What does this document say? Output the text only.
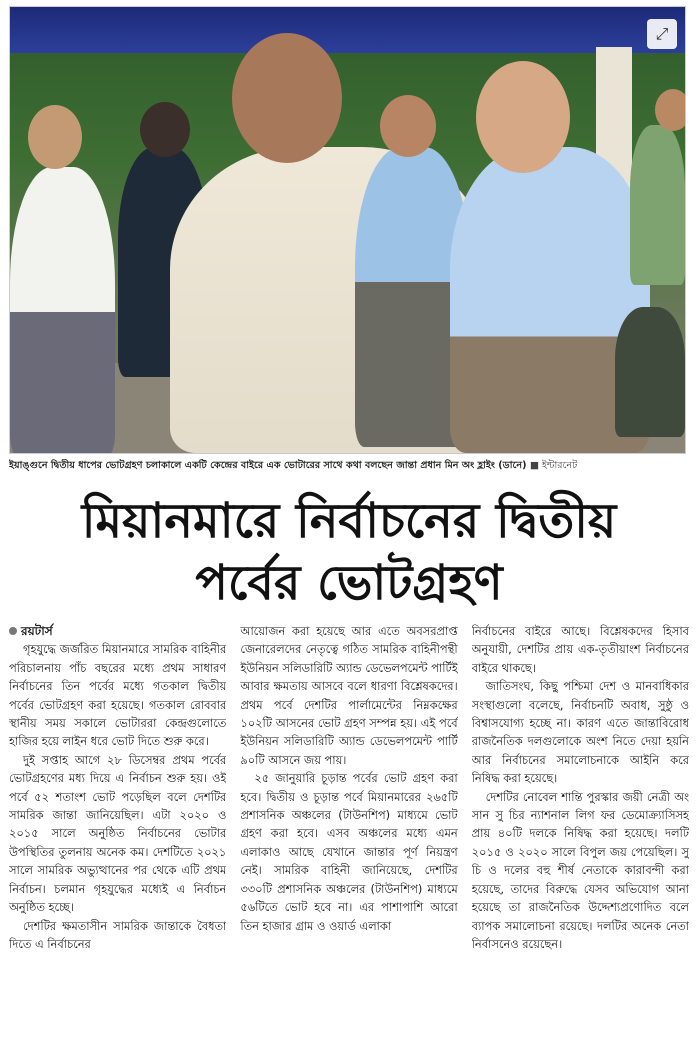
⤢
ইয়াঙ্গুনে দ্বিতীয় ধাপের ভোটগ্রহণ চলাকালে একটি কেন্দ্রের বাইরে এক ভোটারের সাথে কথা বলছেন জান্তা প্রধান মিন অং হ্লাইং (ডানে) ■ ইন্টারনেট
মিয়ানমারে নির্বাচনের দ্বিতীয়
পর্বের ভোটগ্রহণ
রয়টার্স

গৃহযুদ্ধে জর্জরিত মিয়ানমারে সামরিক বাহিনীর পরিচালনায় পাঁচ বছরের মধ্যে প্রথম সাধারণ নির্বাচনের তিন পর্বের মধ্যে গতকাল দ্বিতীয় পর্বের ভোটগ্রহণ করা হয়েছে। গতকাল রোববার স্থানীয় সময় সকালে ভোটাররা কেন্দ্রগুলোতে হাজির হয়ে লাইন ধরে ভোট দিতে শুরু করে।

দুই সপ্তাহ আগে ২৮ ডিসেম্বর প্রথম পর্বের ভোটগ্রহণের মধ্য দিয়ে এ নির্বাচন শুরু হয়। ওই পর্বে ৫২ শতাংশ ভোট পড়েছিল বলে দেশটির সামরিক জান্তা জানিয়েছিল। এটা ২০২০ ও ২০১৫ সালে অনুষ্ঠিত নির্বাচনের ভোটার উপস্থিতির তুলনায় অনেক কম। দেশটিতে ২০২১ সালে সামরিক অভ্যুত্থানের পর থেকে এটি প্রথম নির্বাচন। চলমান গৃহযুদ্ধের মধ্যেই এ নির্বাচন অনুষ্ঠিত হচ্ছে।

দেশটির ক্ষমতাসীন সামরিক জান্তাকে বৈধতা দিতে এ নির্বাচনের

আয়োজন করা হয়েছে আর এতে অবসরপ্রাপ্ত জেনারেলদের নেতৃত্বে গঠিত সামরিক বাহিনীপন্থী ইউনিয়ন সলিডারিটি অ্যান্ড ডেভেলপমেন্ট পার্টিই আবার ক্ষমতায় আসবে বলে ধারণা বিশ্লেষকদের। প্রথম পর্বে দেশটির পার্লামেন্টের নিম্নকক্ষের ১০২টি আসনের ভোট গ্রহণ সম্পন্ন হয়। এই পর্বে ইউনিয়ন সলিডারিটি অ্যান্ড ডেভেলপমেন্ট পার্টি ৯০টি আসনে জয় পায়।

২৫ জানুয়ারি চূড়ান্ত পর্বের ভোট গ্রহণ করা হবে। দ্বিতীয় ও চূড়ান্ত পর্বে মিয়ানমারের ২৬৫টি প্রশাসনিক অঞ্চলের (টাউনশিপ) মাধ্যমে ভোট গ্রহণ করা হবে। এসব অঞ্চলের মধ্যে এমন এলাকাও আছে যেখানে জান্তার পূর্ণ নিয়ন্ত্রণ নেই। সামরিক বাহিনী জানিয়েছে, দেশটির ৩৩০টি প্রশাসনিক অঞ্চলের (টাউনশিপ) মাধ্যমে ৫৬টিতে ভোট হবে না। এর পাশাপাশি আরো তিন হাজার গ্রাম ও ওয়ার্ড এলাকা

নির্বাচনের বাইরে আছে। বিশ্লেষকদের হিসাব অনুযায়ী, দেশটির প্রায় এক-তৃতীয়াংশ নির্বাচনের বাইরে থাকছে।

জাতিসংঘ, কিছু পশ্চিমা দেশ ও মানবাধিকার সংস্থাগুলো বলেছে, নির্বাচনটি অবাধ, সুষ্ঠু ও বিশ্বাসযোগ্য হচ্ছে না। কারণ এতে জান্তাবিরোধ রাজনৈতিক দলগুলোকে অংশ নিতে দেয়া হয়নি আর নির্বাচনের সমালোচনাকে আইনি করে নিষিদ্ধ করা হয়েছে।

দেশটির নোবেল শান্তি পুরস্কার জয়ী নেত্রী অং সান সু চির ন্যাশনাল লিগ ফর ডেমোক্র্যাসিসহ প্রায় ৪০টি দলকে নিষিদ্ধ করা হয়েছে। দলটি ২০১৫ ও ২০২০ সালে বিপুল জয় পেয়েছিল। সু চি ও দলের বহু শীর্ষ নেতাকে কারাবন্দী করা হয়েছে, তাদের বিরুদ্ধে যেসব অভিযোগ আনা হয়েছে তা রাজনৈতিক উদ্দেশ্যপ্রণোদিত বলে ব্যাপক সমালোচনা রয়েছে। দলটির অনেক নেতা নির্বাসনেও রয়েছেন।
